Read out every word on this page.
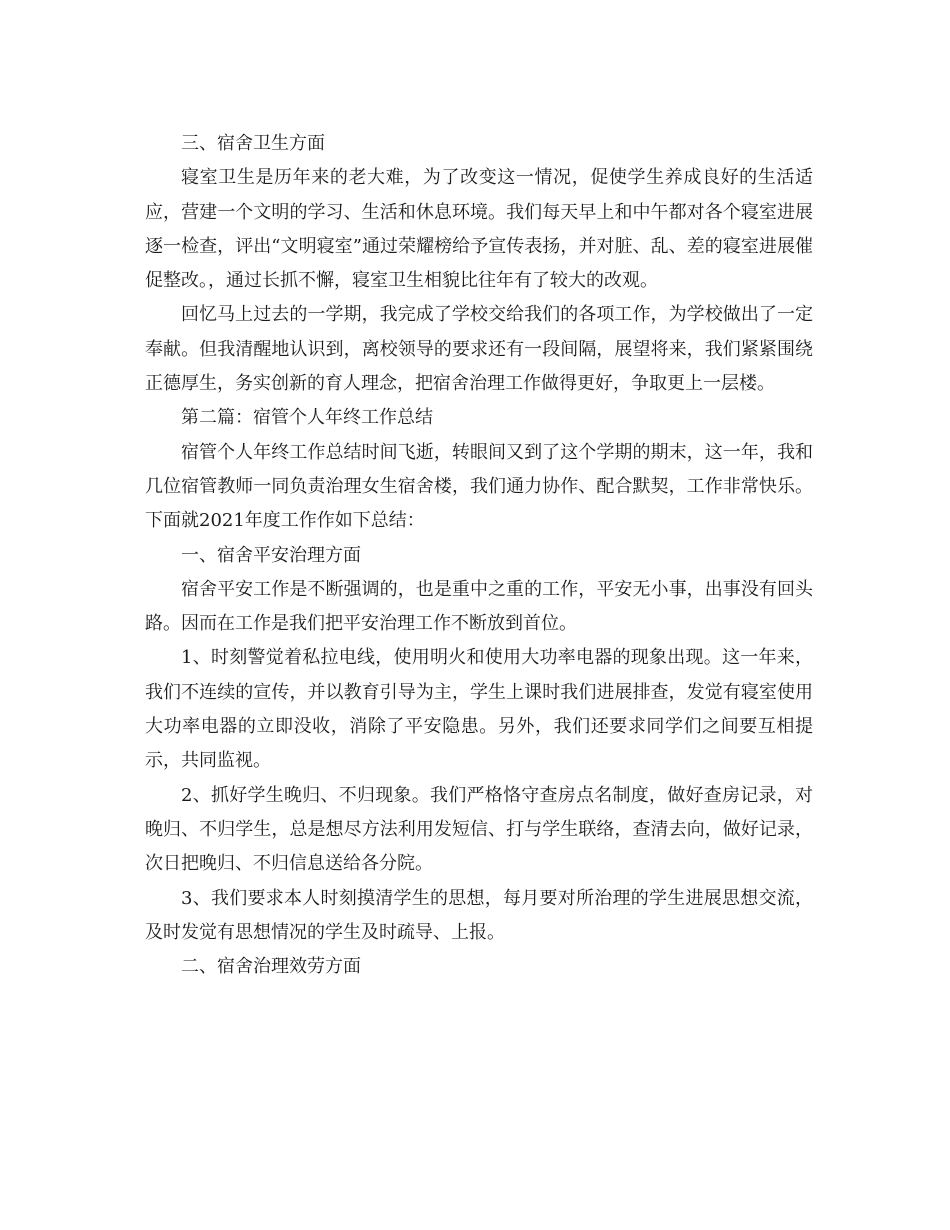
三、宿舍卫生方面

寝室卫生是历年来的老大难，为了改变这一情况，促使学生养成良好的生活适应，营建一个文明的学习、生活和休息环境。我们每天早上和中午都对各个寝室进展逐一检查，评出“文明寝室”通过荣耀榜给予宣传表扬，并对脏、乱、差的寝室进展催促整改。，通过长抓不懈，寝室卫生相貌比往年有了较大的改观。

回忆马上过去的一学期，我完成了学校交给我们的各项工作，为学校做出了一定奉献。但我清醒地认识到，离校领导的要求还有一段间隔，展望将来，我们紧紧围绕正德厚生，务实创新的育人理念，把宿舍治理工作做得更好，争取更上一层楼。

第二篇：宿管个人年终工作总结

宿管个人年终工作总结时间飞逝，转眼间又到了这个学期的期末，这一年，我和几位宿管教师一同负责治理女生宿舍楼，我们通力协作、配合默契，工作非常快乐。下面就2021年度工作作如下总结：

一、宿舍平安治理方面

宿舍平安工作是不断强调的，也是重中之重的工作，平安无小事，出事没有回头路。因而在工作是我们把平安治理工作不断放到首位。

1、时刻警觉着私拉电线，使用明火和使用大功率电器的现象出现。这一年来，我们不连续的宣传，并以教育引导为主，学生上课时我们进展排查，发觉有寝室使用大功率电器的立即没收，消除了平安隐患。另外，我们还要求同学们之间要互相提示，共同监视。

2、抓好学生晚归、不归现象。我们严格恪守查房点名制度，做好查房记录，对晚归、不归学生，总是想尽方法利用发短信、打与学生联络，查清去向，做好记录，次日把晚归、不归信息送给各分院。

3、我们要求本人时刻摸清学生的思想，每月要对所治理的学生进展思想交流，及时发觉有思想情况的学生及时疏导、上报。

二、宿舍治理效劳方面
